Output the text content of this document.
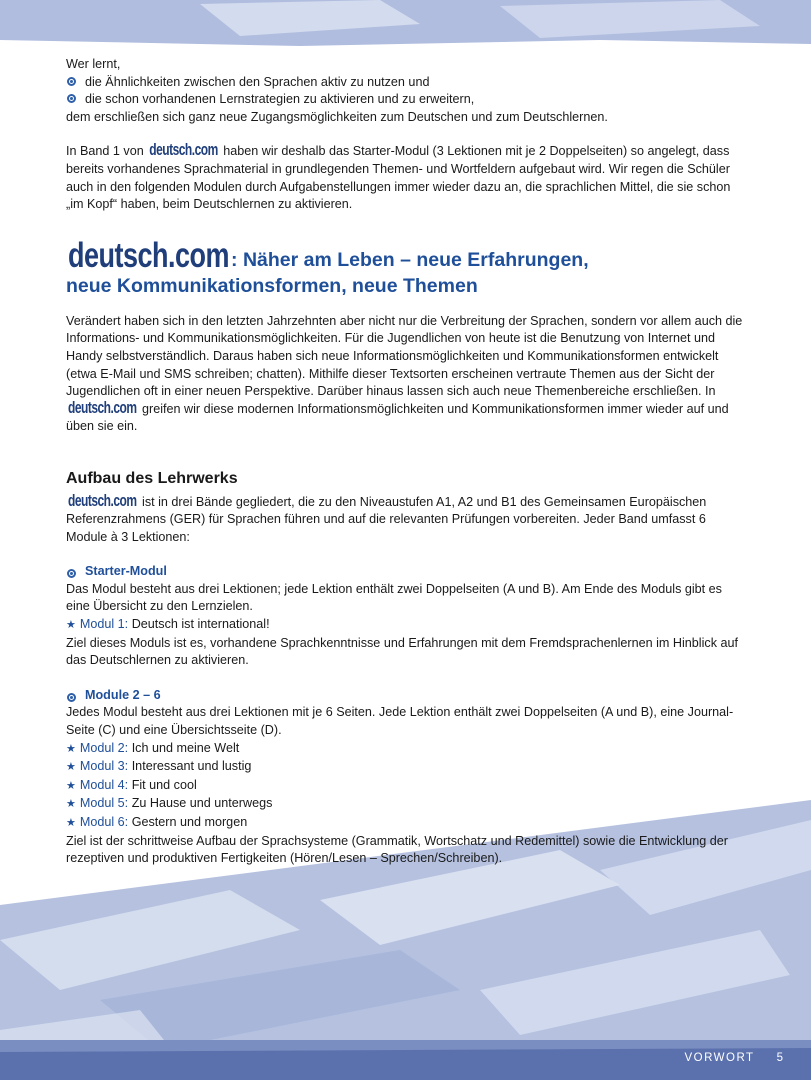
Wer lernt,

die Ähnlichkeiten zwischen den Sprachen aktiv zu nutzen und
die schon vorhandenen Lernstrategien zu aktivieren und zu erweitern,

dem erschließen sich ganz neue Zugangsmöglichkeiten zum Deutschen und zum Deutschlernen.

In Band 1 von deutsch.com haben wir deshalb das Starter-Modul (3 Lektionen mit je 2 Doppelseiten) so angelegt, dass bereits vorhandenes Sprachmaterial in grundlegenden Themen- und Wortfeldern aufgebaut wird. Wir regen die Schüler auch in den folgenden Modulen durch Aufgabenstellungen immer wieder dazu an, die sprachlichen Mittel, die sie schon „im Kopf“ haben, beim Deutschlernen zu aktivieren.

deutsch.com : Näher am Leben – neue Erfahrungen,

neue Kommunikationsformen, neue Themen

Verändert haben sich in den letzten Jahrzehnten aber nicht nur die Verbreitung der Sprachen, sondern vor allem auch die Informations- und Kommunikationsmöglichkeiten. Für die Jugendlichen von heute ist die Benutzung von Internet und Handy selbstverständlich. Daraus haben sich neue Informationsmöglichkeiten und Kommunikationsformen entwickelt (etwa E-Mail und SMS schreiben; chatten). Mithilfe dieser Textsorten erscheinen vertraute Themen aus der Sicht der Jugendlichen oft in einer neuen Perspektive. Darüber hinaus lassen sich auch neue Themenbereiche erschließen. In deutsch.com greifen wir diese modernen Informationsmöglichkeiten und Kommunikationsformen immer wieder auf und üben sie ein.

Aufbau des Lehrwerks

deutsch.com ist in drei Bände gegliedert, die zu den Niveaustufen A1, A2 und B1 des Gemeinsamen Europäischen Referenzrahmens (GER) für Sprachen führen und auf die relevanten Prüfungen vorbereiten. Jeder Band umfasst 6 Module à 3 Lektionen:

Starter-Modul

Das Modul besteht aus drei Lektionen; jede Lektion enthält zwei Doppelseiten (A und B). Am Ende des Moduls gibt es eine Übersicht zu den Lernzielen.

★ Modul 1: Deutsch ist international!

Ziel dieses Moduls ist es, vorhandene Sprachkenntnisse und Erfahrungen mit dem Fremdsprachenlernen im Hinblick auf das Deutschlernen zu aktivieren.

Module 2 – 6

Jedes Modul besteht aus drei Lektionen mit je 6 Seiten. Jede Lektion enthält zwei Doppelseiten (A und B), eine Journal-Seite (C) und eine Übersichtsseite (D).

★ Modul 2: Ich und meine Welt
★ Modul 3: Interessant und lustig
★ Modul 4: Fit und cool
★ Modul 5: Zu Hause und unterwegs
★ Modul 6: Gestern und morgen

Ziel ist der schrittweise Aufbau der Sprachsysteme (Grammatik, Wortschatz und Redemittel) sowie die Entwicklung der rezeptiven und produktiven Fertigkeiten (Hören/Lesen – Sprechen/Schreiben).

VORWORT 5
